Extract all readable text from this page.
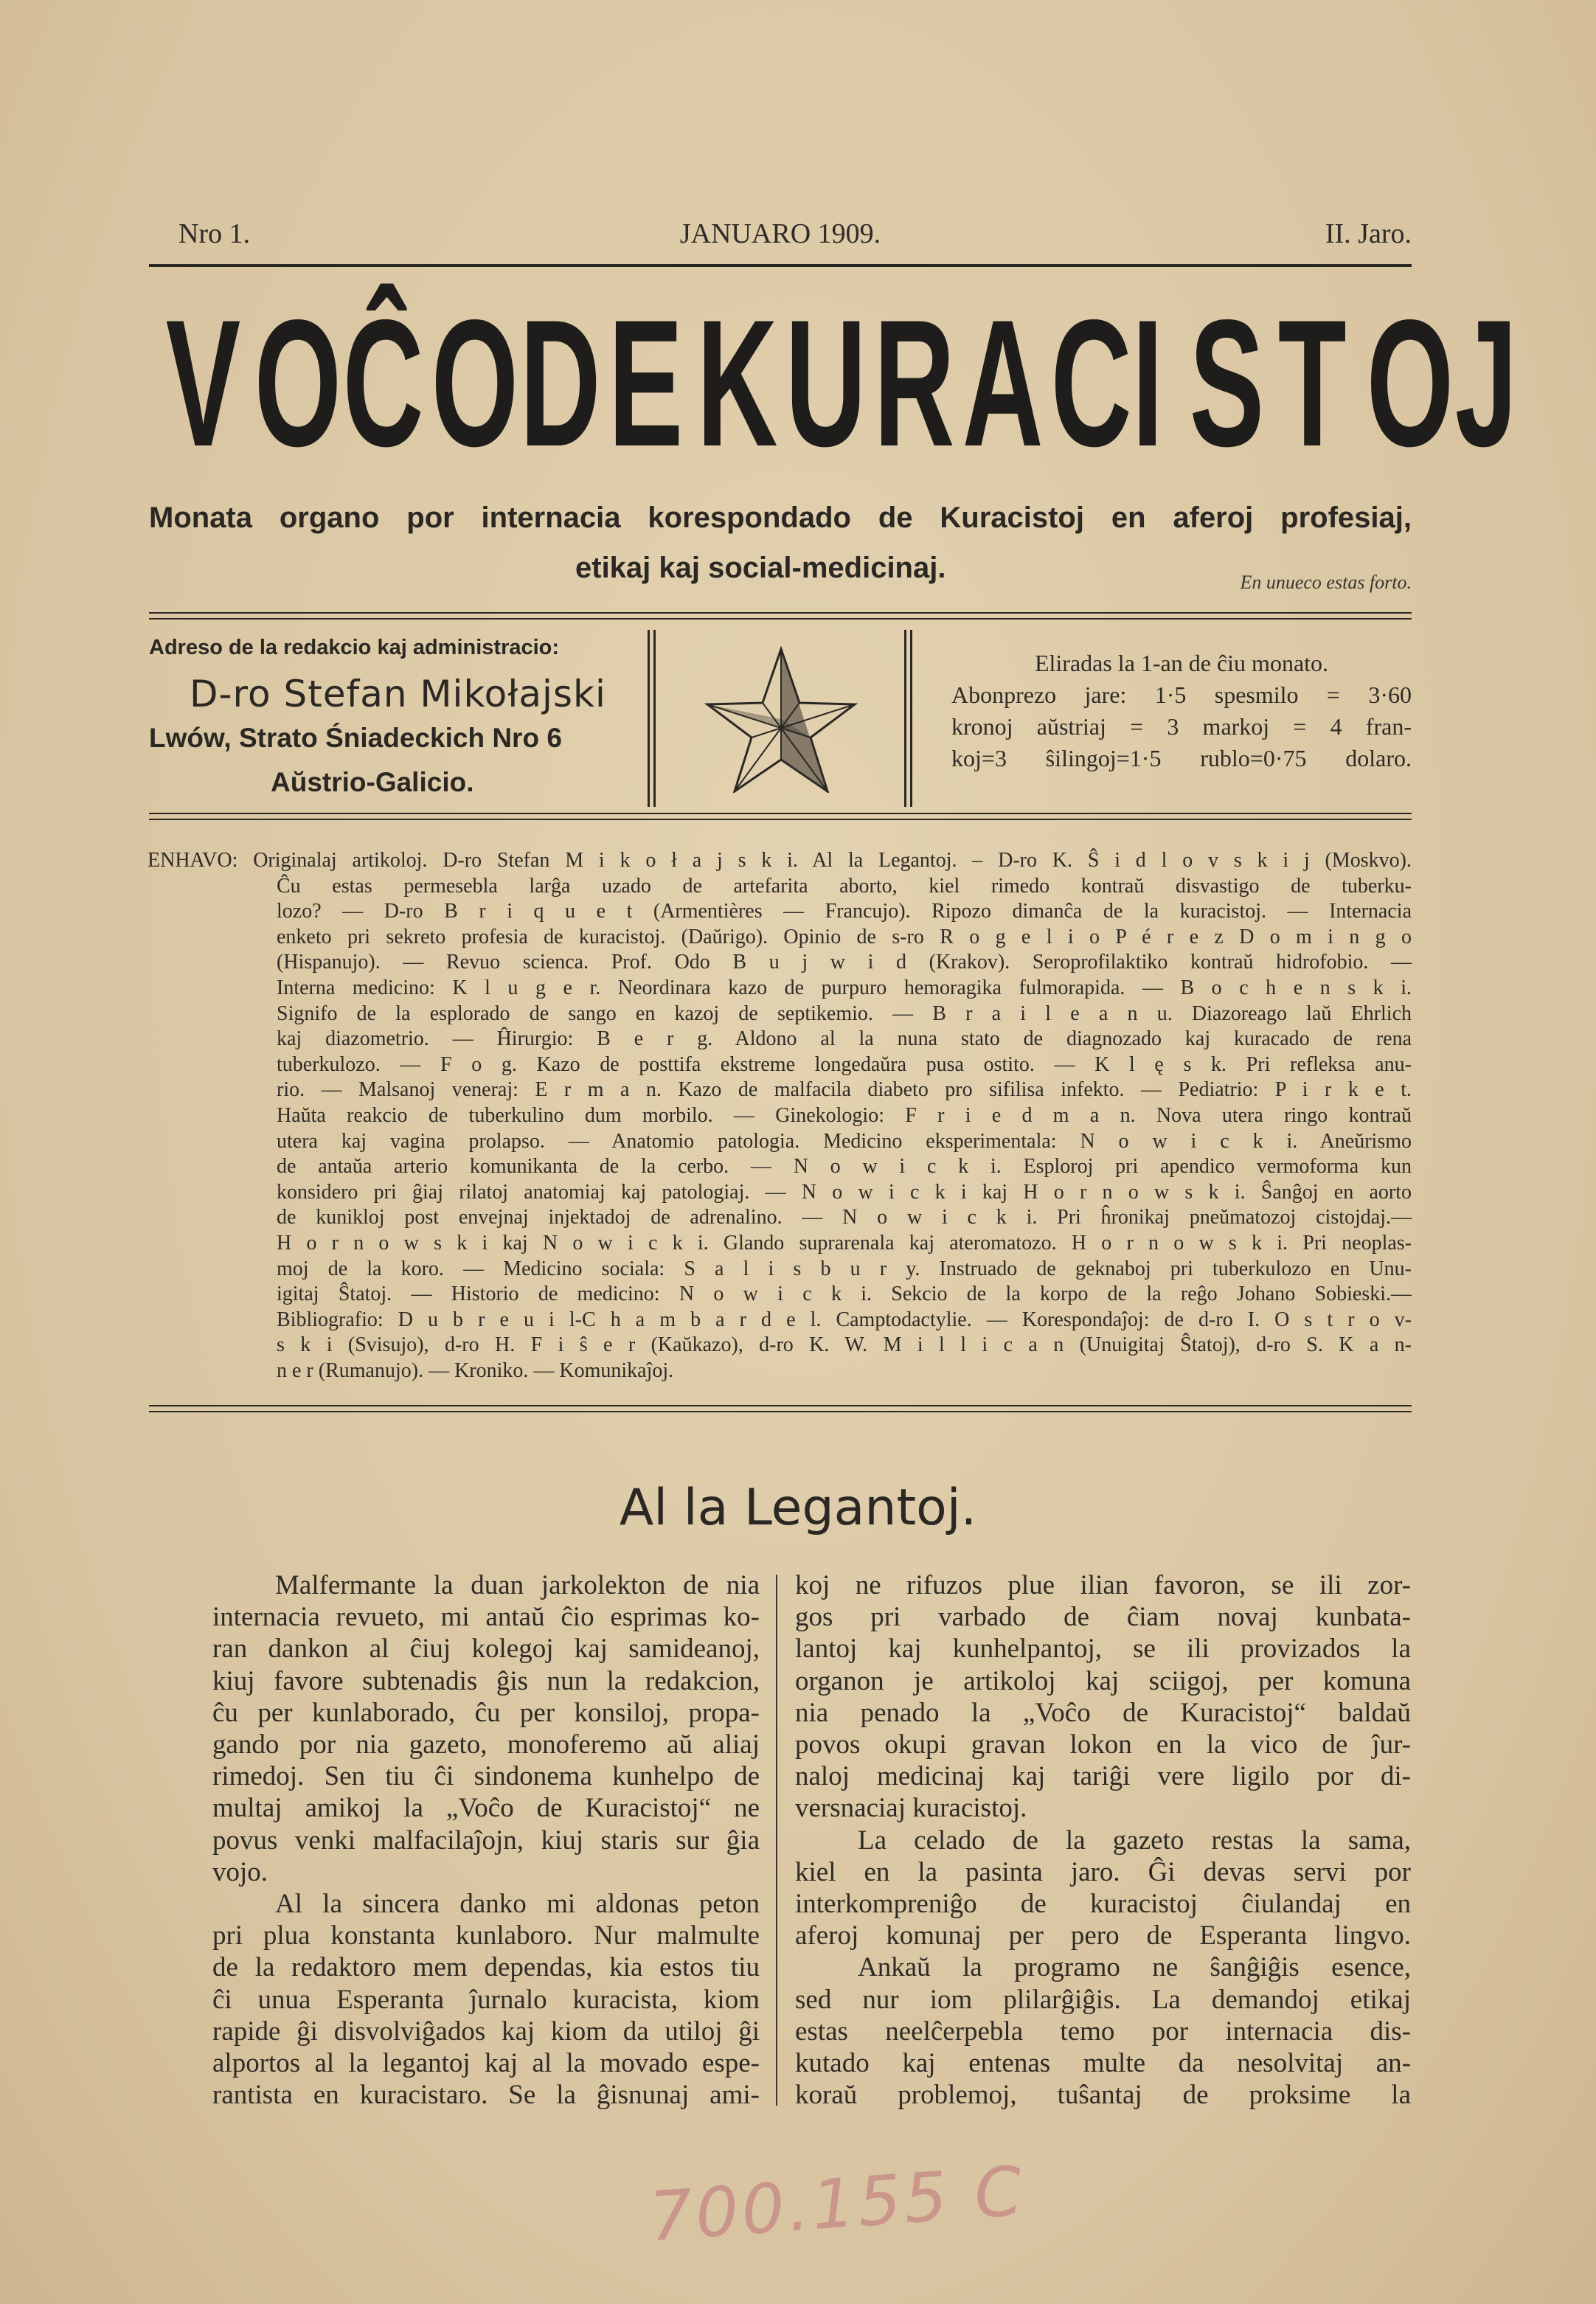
Nro 1.	JANUARO 1909.	II. Jaro.
V O Ĉ O D E K U R A C I S T O J
Monata organo por internacia korespondado de Kuracistoj en aferoj profesiaj,
etikaj kaj social-medicinaj.	En unueco estas forto.
Adreso de la redakcio kaj administracio:
D-ro Stefan Mikołajski
Lwów, Strato Śniadeckich Nro 6
Aŭstrio-Galicio.
Eliradas la 1-an de ĉiu monato.
Abonprezo jare: 1·5 spesmilo = 3·60
kronoj aŭstriaj = 3 markoj = 4 fran-
koj=3 ŝilingoj=1·5 rublo=0·75 dolaro.
ENHAVO: Originalaj artikoloj. D-ro Stefan M i k o ł a j s k i. Al la Legantoj. – D-ro K. Ŝ i d l o v s k i j (Moskvo).
Ĉu estas permesebla larĝa uzado de artefarita aborto, kiel rimedo kontraŭ disvastigo de tuberku-
lozo? — D-ro B r i q u e t (Armentières — Francujo). Ripozo dimanĉa de la kuracistoj. — Internacia
enketo pri sekreto profesia de kuracistoj. (Daŭrigo). Opinio de s-ro R o g e l i o P é r e z D o m i n g o
(Hispanujo). — Revuo scienca. Prof. Odo B u j w i d (Krakov). Seroprofilaktiko kontraŭ hidrofobio. —
Interna medicino: K l u g e r. Neordinara kazo de purpuro hemoragika fulmorapida. — B o c h e n s k i.
Signifo de la esplorado de sango en kazoj de septikemio. — B r a i l e a n u. Diazoreago laŭ Ehrlich
kaj diazometrio. — Ĥirurgio: B e r g. Aldono al la nuna stato de diagnozado kaj kuracado de rena
tuberkulozo. — F o g. Kazo de posttifa ekstreme longedaŭra pusa ostito. — K l ę s k. Pri refleksa anu-
rio. — Malsanoj veneraj: E r m a n. Kazo de malfacila diabeto pro sifilisa infekto. — Pediatrio: P i r k e t.
Haŭta reakcio de tuberkulino dum morbilo. — Ginekologio: F r i e d m a n. Nova utera ringo kontraŭ
utera kaj vagina prolapso. — Anatomio patologia. Medicino eksperimentala: N o w i c k i. Aneŭrismo
de antaŭa arterio komunikanta de la cerbo. — N o w i c k i. Esploroj pri apendico vermoforma kun
konsidero pri ĝiaj rilatoj anatomiaj kaj patologiaj. — N o w i c k i kaj H o r n o w s k i. Ŝanĝoj en aorto
de kunikloj post envejnaj injektadoj de adrenalino. — N o w i c k i. Pri ĥronikaj pneŭmatozoj cistojdaj.—
H o r n o w s k i kaj N o w i c k i. Glando suprarenala kaj ateromatozo. H o r n o w s k i. Pri neoplas-
moj de la koro. — Medicino sociala: S a l i s b u r y. Instruado de geknaboj pri tuberkulozo en Unu-
igitaj Ŝtatoj. — Historio de medicino: N o w i c k i. Sekcio de la korpo de la reĝo Johano Sobieski.—
Bibliografio: D u b r e u i l-C h a m b a r d e l. Camptodactylie. — Korespondaĵoj: de d-ro I. O s t r o v-
s k i (Svisujo), d-ro H. F i ŝ e r (Kaŭkazo), d-ro K. W. M i l l i c a n (Unuigitaj Ŝtatoj), d-ro S. K a n-
n e r (Rumanujo). — Kroniko. — Komunikaĵoj.
Al la Legantoj.
Malfermante la duan jarkolekton de nia
internacia revueto, mi antaŭ ĉio esprimas ko-
ran dankon al ĉiuj kolegoj kaj samideanoj,
kiuj favore subtenadis ĝis nun la redakcion,
ĉu per kunlaborado, ĉu per konsiloj, propa-
gando por nia gazeto, monoferemo aŭ aliaj
rimedoj. Sen tiu ĉi sindonema kunhelpo de
multaj amikoj la „Voĉo de Kuracistoj“ ne
povus venki malfacilaĵojn, kiuj staris sur ĝia
vojo.
Al la sincera danko mi aldonas peton
pri plua konstanta kunlaboro. Nur malmulte
de la redaktoro mem dependas, kia estos tiu
ĉi unua Esperanta ĵurnalo kuracista, kiom
rapide ĝi disvolviĝados kaj kiom da utiloj ĝi
alportos al la legantoj kaj al la movado espe-
rantista en kuracistaro. Se la ĝisnunaj ami-
koj ne rifuzos plue ilian favoron, se ili zor-
gos pri varbado de ĉiam novaj kunbata-
lantoj kaj kunhelpantoj, se ili provizados la
organon je artikoloj kaj sciigoj, per komuna
nia penado la „Voĉo de Kuracistoj“ baldaŭ
povos okupi gravan lokon en la vico de ĵur-
naloj medicinaj kaj tariĝi vere ligilo por di-
versnaciaj kuracistoj.
La celado de la gazeto restas la sama,
kiel en la pasinta jaro. Ĝi devas servi por
interkompreniĝo de kuracistoj ĉiulandaj en
aferoj komunaj per pero de Esperanta lingvo.
Ankaŭ la programo ne ŝanĝiĝis esence,
sed nur iom plilarĝiĝis. La demandoj etikaj
estas neelĉerpebla temo por internacia dis-
kutado kaj entenas multe da nesolvitaj an-
koraŭ problemoj, tuŝantaj de proksime la
700.155 C
